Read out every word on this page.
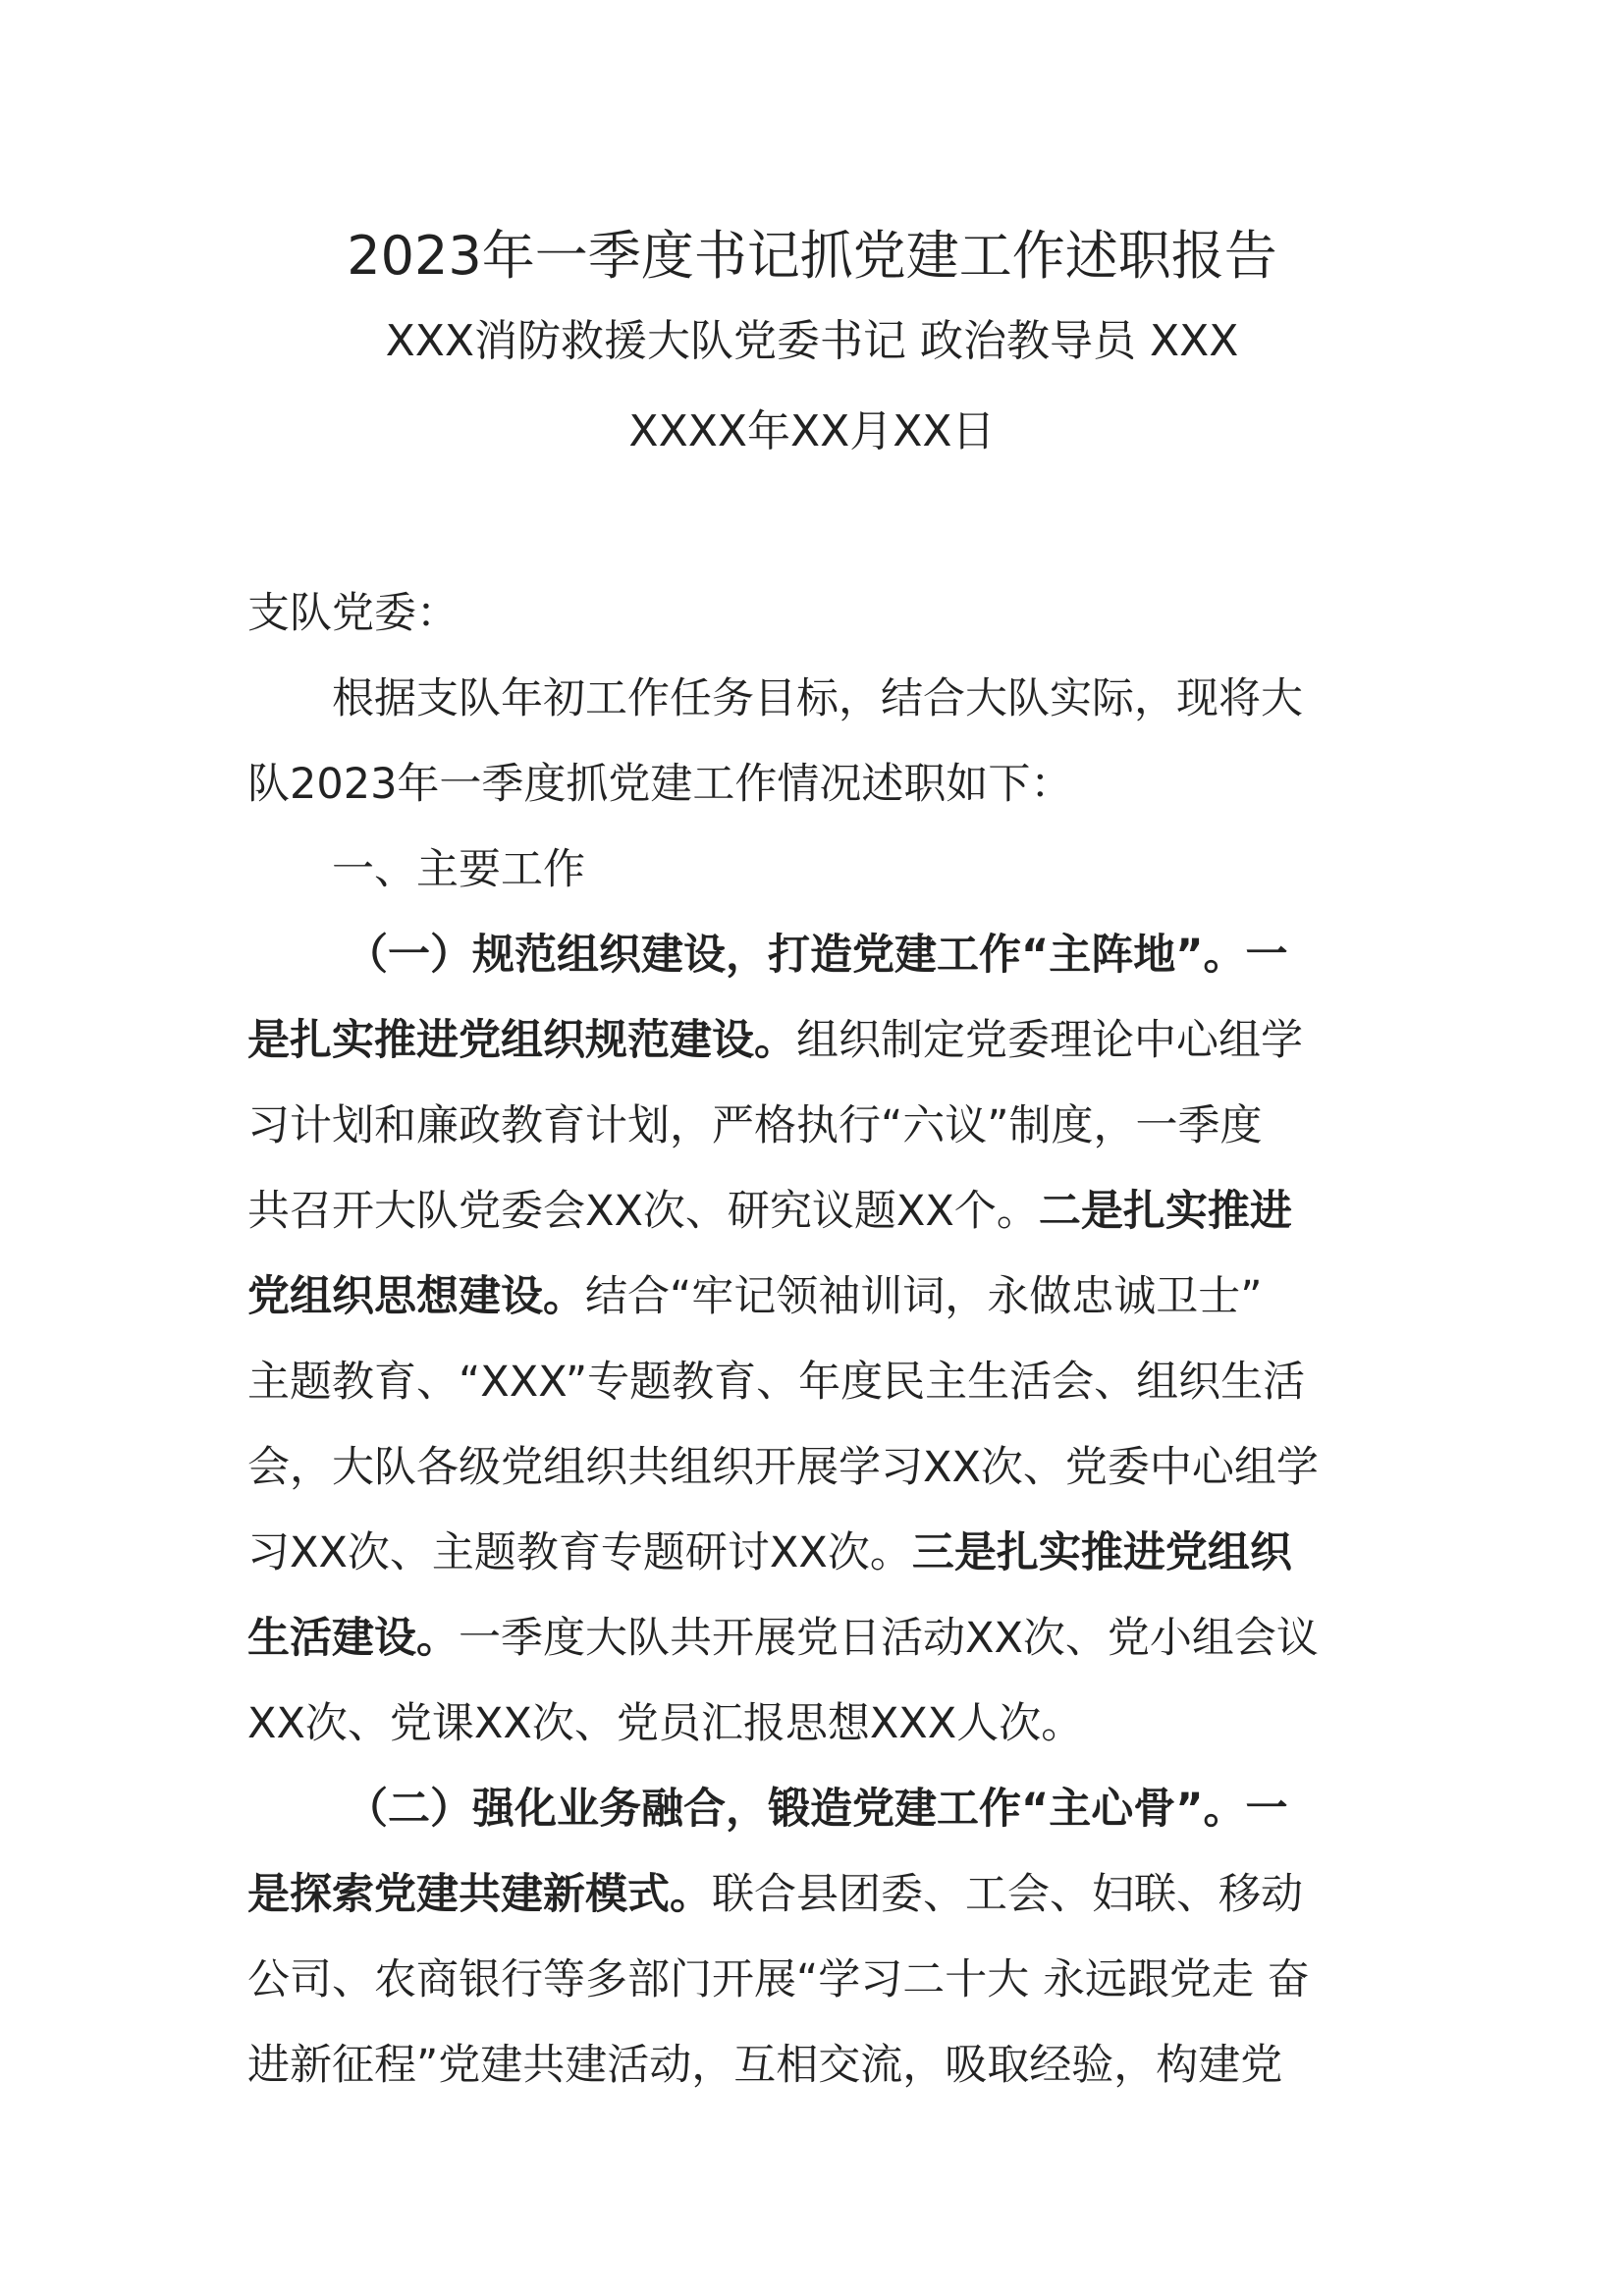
2023年一季度书记抓党建工作述职报告
XXX消防救援大队党委书记 政治教导员 XXX
XXXX年XX月XX日
支队党委：
根据支队年初工作任务目标，结合大队实际，现将大
队2023年一季度抓党建工作情况述职如下：
一、主要工作
（一）规范组织建设，打造党建工作“主阵地”。一
是扎实推进党组织规范建设。组织制定党委理论中心组学
习计划和廉政教育计划，严格执行“六议”制度，一季度
共召开大队党委会XX次、研究议题XX个。二是扎实推进
党组织思想建设。结合“牢记领袖训词，永做忠诚卫士”
主题教育、“XXX”专题教育、年度民主生活会、组织生活
会，大队各级党组织共组织开展学习XX次、党委中心组学
习XX次、主题教育专题研讨XX次。三是扎实推进党组织
生活建设。一季度大队共开展党日活动XX次、党小组会议
XX次、党课XX次、党员汇报思想XXX人次。
（二）强化业务融合，锻造党建工作“主心骨”。一
是探索党建共建新模式。联合县团委、工会、妇联、移动
公司、农商银行等多部门开展“学习二十大 永远跟党走 奋
进新征程”党建共建活动，互相交流，吸取经验，构建党
